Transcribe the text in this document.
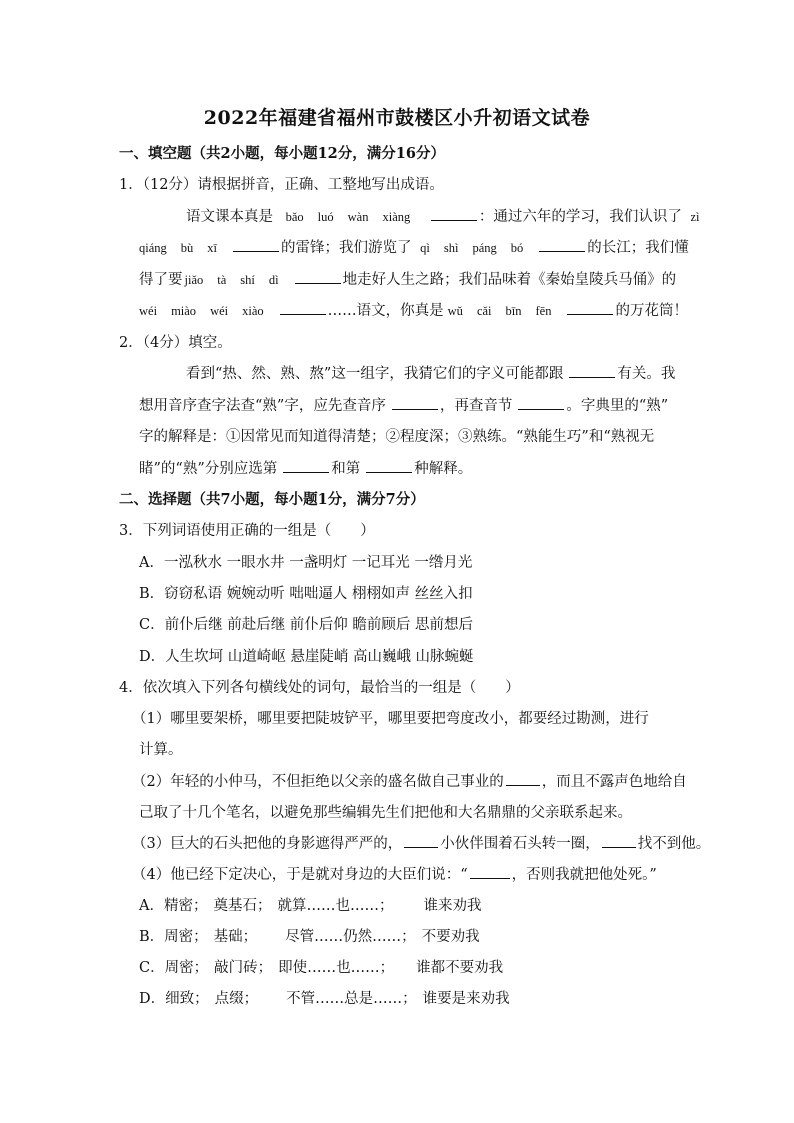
2022年福建省福州市鼓楼区小升初语文试卷
一、填空题（共2小题，每小题12分，满分16分）
1．（12分）请根据拼音，正确、工整地写出成语。
语文课本真是 bǎo luó wàn xiàng	：通过六年的学习，我们认识了 zì
qiáng bù xī	的雷锋；我们游览了 qì shì páng bó	的长江；我们懂
得了要 jiǎo tà shí dì	地走好人生之路；我们品味着《秦始皇陵兵马俑》的
wéi miào wéi xiào	……语文，你真是 wǔ cǎi bīn fēn	的万花筒！
2．（4分）填空。
看到“热、然、熟、熬”这一组字，我猜它们的字义可能都跟	有关。我
想用音序查字法查“熟”字，应先查音序	，再查音节	。字典里的“熟”
字的解释是：①因常见而知道得清楚；②程度深；③熟练。“熟能生巧”和“熟视无
睹”的“熟”分别应选第	和第	种解释。
二、选择题（共7小题，每小题1分，满分7分）
3．下列词语使用正确的一组是（　　）
A．一泓秋水 一眼水井 一盏明灯 一记耳光 一绺月光
B．窃窃私语 婉婉动听 咄咄逼人 栩栩如声 丝丝入扣
C．前仆后继 前赴后继 前仆后仰 瞻前顾后 思前想后
D．人生坎坷 山道崎岖 悬崖陡峭 高山巍峨 山脉蜿蜒
4．依次填入下列各句横线处的词句，最恰当的一组是（　　）
（1）哪里要架桥，哪里要把陡坡铲平，哪里要把弯度改小，都要经过勘测，进行
计算。
（2）年轻的小仲马，不但拒绝以父亲的盛名做自己事业的	，而且不露声色地给自
己取了十几个笔名，以避免那些编辑先生们把他和大名鼎鼎的父亲联系起来。
（3）巨大的石头把他的身影遮得严严的，	小伙伴围着石头转一圈，	找不到他。
（4）他已经下定决心，于是就对身边的大臣们说：“	，否则我就把他处死。”
A．精密； 奠基石； 就算……也……； 谁来劝我
B．周密； 基础； 尽管……仍然……； 不要劝我
C．周密； 敲门砖； 即使……也……； 谁都不要劝我
D．细致； 点缀； 不管……总是……； 谁要是来劝我
